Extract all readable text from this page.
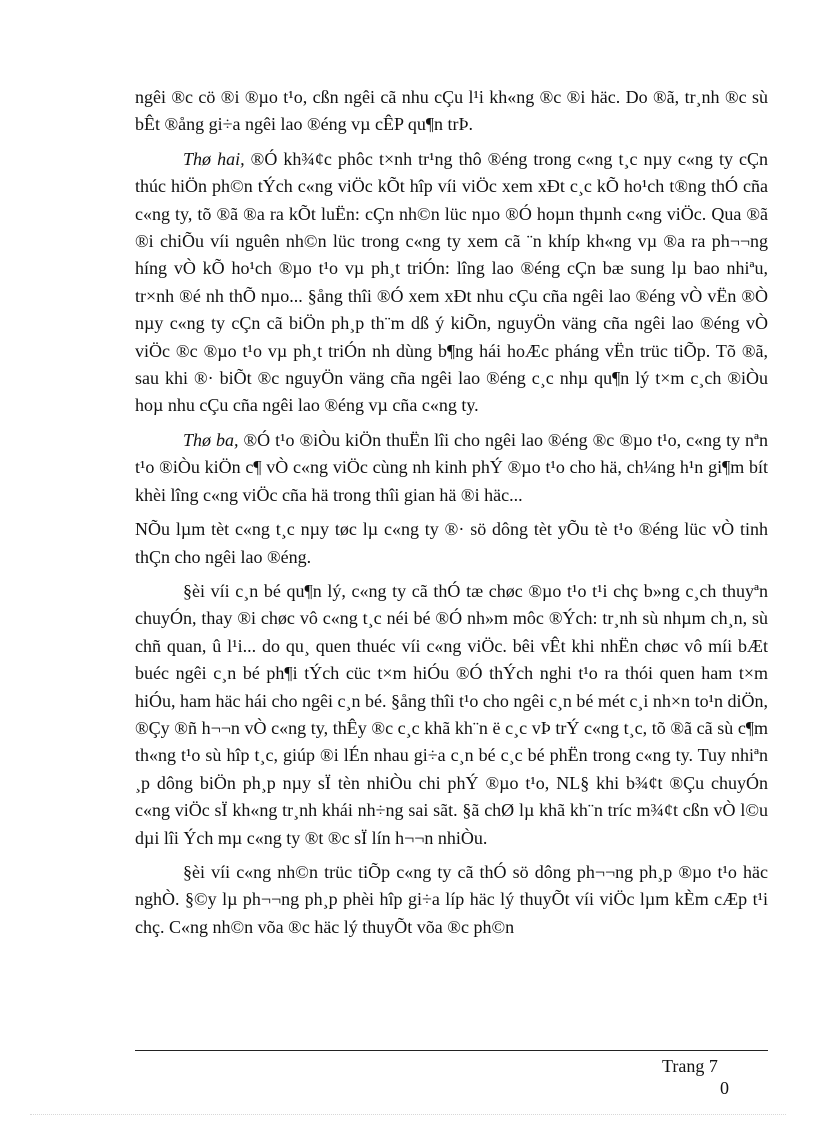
ngêi ®c cö ®i ®µo t¹o, cßn ngêi cã nhu cÇu l¹i kh«ng ®c ®i häc. Do ®ã, tr¸nh ®c sù bÊt ®ång gi÷a ngêi lao ®éng vµ cÊP qu¶n trÞ.

Thø hai, ®Ó kh¾¢c phôc t×nh tr¹ng thô ®éng trong c«ng t¸c nµy c«ng ty cÇn thúc hiÖn ph©n tÝch c«ng viÖc kÕt hîp víi viÖc xem xÐt c¸c kÕ ho¹ch t®ng thÓ cña c«ng ty, tõ ®ã ®a ra kÕt luËn: cÇn nh©n lüc nµo ®Ó hoµn thµnh c«ng viÖc. Qua ®ã ®i chiÕu víi nguên nh©n lüc trong c«ng ty xem cã ¨n khíp kh«ng vµ ®a ra ph¬¬ng híng vÒ kÕ ho¹ch ®µo t¹o vµ ph¸t triÓn: lîng lao ®éng cÇn bæ sung lµ bao nhiªu, tr×nh ®é nh thÕ nµo... §ång thîi ®Ó xem xÐt nhu cÇu cña ngêi lao ®éng vÒ vËn ®Ò nµy c«ng ty cÇn cã biÖn ph¸p th¨m dß ý kiÕn, nguyÖn väng cña ngêi lao ®éng vÒ viÖc ®c ®µo t¹o vµ ph¸t triÓn nh dùng b¶ng hái hoÆc pháng vËn trüc tiÕp. Tõ ®ã, sau khi ®· biÕt ®c nguyÖn väng cña ngêi lao ®éng c¸c nhµ qu¶n lý t×m c¸ch ®iÒu hoµ nhu cÇu cña ngêi lao ®éng vµ cña c«ng ty.

Thø ba, ®Ó t¹o ®iÒu kiÖn thuËn lîi cho ngêi lao ®éng ®c ®µo t¹o, c«ng ty nªn t¹o ®iÒu kiÖn c¶ vÒ c«ng viÖc cùng nh kinh phÝ ®µo t¹o cho hä, ch¼ng h¹n gi¶m bít khèi lîng c«ng viÖc cña hä trong thîi gian hä ®i häc...

NÕu lµm tèt c«ng t¸c nµy tøc lµ c«ng ty ®· sö dông tèt yÕu tè t¹o ®éng lüc vÒ tinh thÇn cho ngêi lao ®éng.

§èi víi c¸n bé qu¶n lý, c«ng ty cã thÓ tæ chøc ®µo t¹o t¹i chç b»ng c¸ch thuyªn chuyÓn, thay ®i chøc vô c«ng t¸c néi bé ®Ó nh»m môc ®Ých: tr¸nh sù nhµm ch¸n, sù chñ quan, û l¹i... do qu¸ quen thuéc víi c«ng viÖc. bêi vÊt khi nhËn chøc vô míi bÆt buéc ngêi c¸n bé ph¶i tÝch cüc t×m hiÓu ®Ó thÝch nghi t¹o ra thói quen ham t×m hiÓu, ham häc hái cho ngêi c¸n bé. §ång thîi t¹o cho ngêi c¸n bé mét c¸i nh×n to¹n diÖn, ®Çy ®ñ h¬¬n vÒ c«ng ty, thÊy ®c c¸c khã kh¨n ë c¸c vÞ trÝ c«ng t¸c, tõ ®ã cã sù c¶m th«ng t¹o sù hîp t¸c, giúp ®i lÉn nhau gi÷a c¸n bé c¸c bé phËn trong c«ng ty. Tuy nhiªn ¸p dông biÖn ph¸p nµy sÏ tèn nhiÒu chi phÝ ®µo t¹o, NL§ khi b¾¢t ®Çu chuyÓn c«ng viÖc sÏ kh«ng tr¸nh khái nh÷ng sai sãt. §ã chØ lµ khã kh¨n tríc m¾¢t cßn vÒ l©u dµi lîi Ých mµ c«ng ty ®t ®c sÏ lín h¬¬n nhiÒu.

§èi víi c«ng nh©n trüc tiÕp c«ng ty cã thÓ sö dông ph¬¬ng ph¸p ®µo t¹o häc nghÒ. §©y lµ ph¬¬ng ph¸p phèi hîp gi÷a líp häc lý thuyÕt víi viÖc lµm kÈm cÆp t¹i chç. C«ng nh©n võa ®c häc lý thuyÕt võa ®c ph©n

Trang 7
0
